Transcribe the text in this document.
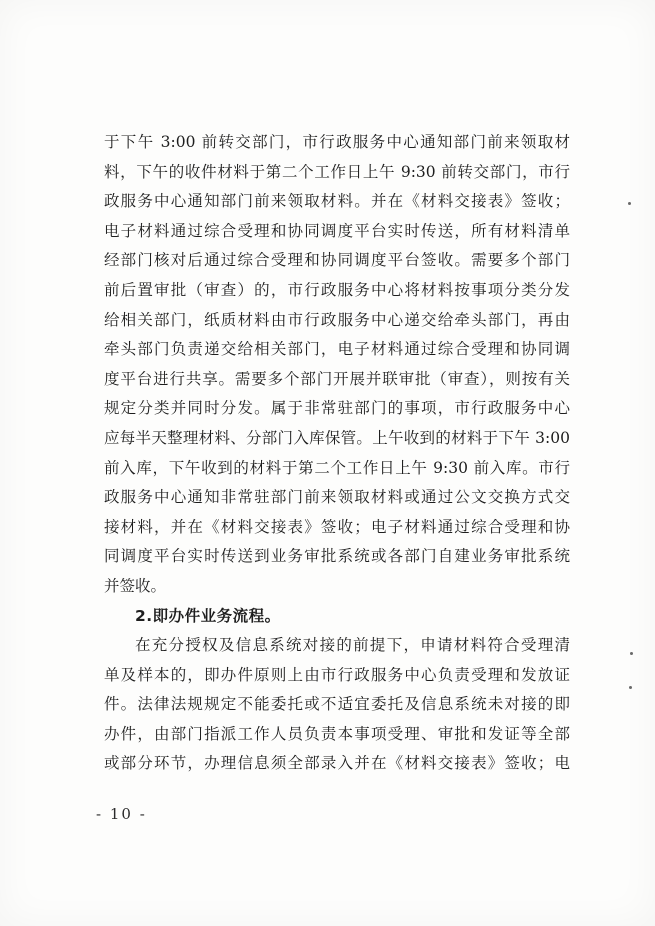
于下午 3:00 前转交部门，市行政服务中心通知部门前来领取材
料，下午的收件材料于第二个工作日上午 9:30 前转交部门，市行
政服务中心通知部门前来领取材料。并在《材料交接表》签收；
电子材料通过综合受理和协同调度平台实时传送，所有材料清单
经部门核对后通过综合受理和协同调度平台签收。需要多个部门
前后置审批（审查）的，市行政服务中心将材料按事项分类分发
给相关部门，纸质材料由市行政服务中心递交给牵头部门，再由
牵头部门负责递交给相关部门，电子材料通过综合受理和协同调
度平台进行共享。需要多个部门开展并联审批（审查），则按有关
规定分类并同时分发。属于非常驻部门的事项，市行政服务中心
应每半天整理材料、分部门入库保管。上午收到的材料于下午 3:00
前入库，下午收到的材料于第二个工作日上午 9:30 前入库。市行
政服务中心通知非常驻部门前来领取材料或通过公文交换方式交
接材料，并在《材料交接表》签收；电子材料通过综合受理和协
同调度平台实时传送到业务审批系统或各部门自建业务审批系统
并签收。
2.即办件业务流程。
在充分授权及信息系统对接的前提下，申请材料符合受理清
单及样本的，即办件原则上由市行政服务中心负责受理和发放证
件。法律法规规定不能委托或不适宜委托及信息系统未对接的即
办件，由部门指派工作人员负责本事项受理、审批和发证等全部
或部分环节，办理信息须全部录入并在《材料交接表》签收；电
- 10 -
